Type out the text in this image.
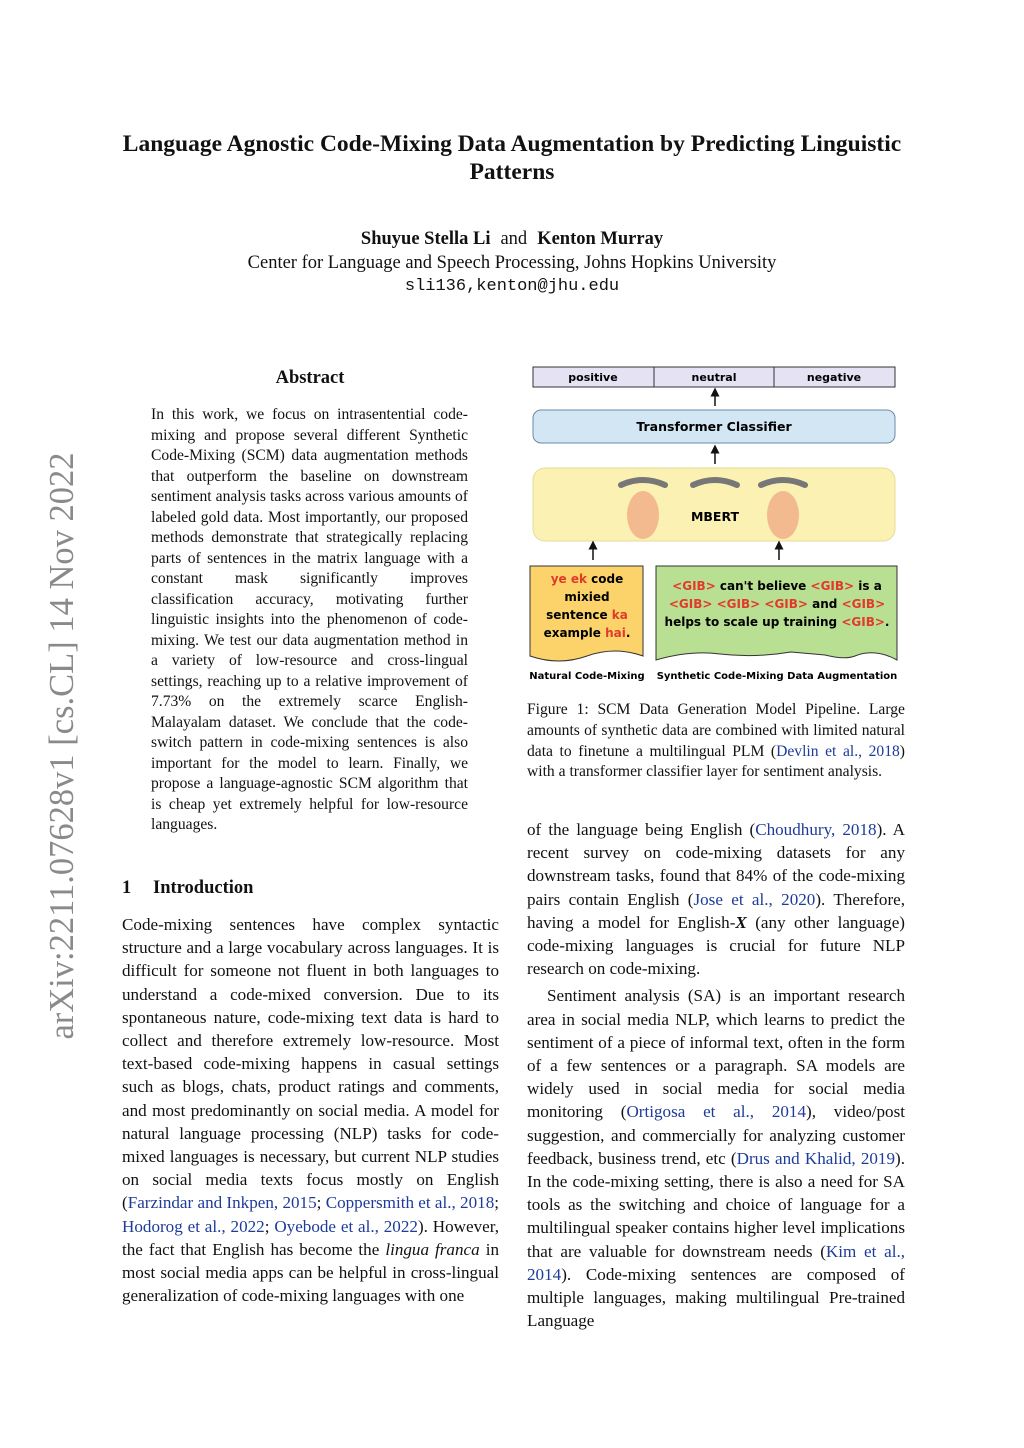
arXiv:2211.07628v1 [cs.CL] 14 Nov 2022
Language Agnostic Code-Mixing Data Augmentation by Predicting Linguistic Patterns
Shuyue Stella Li and Kenton Murray
Center for Language and Speech Processing, Johns Hopkins University
sli136,kenton@jhu.edu
Abstract
In this work, we focus on intrasentential code-mixing and propose several different Synthetic Code-Mixing (SCM) data augmentation methods that outperform the baseline on downstream sentiment analysis tasks across various amounts of labeled gold data. Most importantly, our proposed methods demonstrate that strategically replacing parts of sentences in the matrix language with a constant mask significantly improves classification accuracy, motivating further linguistic insights into the phenomenon of code-mixing. We test our data augmentation method in a variety of low-resource and cross-lingual settings, reaching up to a relative improvement of 7.73% on the extremely scarce English-Malayalam dataset. We conclude that the code-switch pattern in code-mixing sentences is also important for the model to learn. Finally, we propose a language-agnostic SCM algorithm that is cheap yet extremely helpful for low-resource languages.
1 Introduction
Code-mixing sentences have complex syntactic structure and a large vocabulary across languages. It is difficult for someone not fluent in both languages to understand a code-mixed conversion. Due to its spontaneous nature, code-mixing text data is hard to collect and therefore extremely low-resource. Most text-based code-mixing happens in casual settings such as blogs, chats, product ratings and comments, and most predominantly on social media. A model for natural language processing (NLP) tasks for code-mixed languages is necessary, but current NLP studies on social media texts focus mostly on English (Farzindar and Inkpen, 2015; Coppersmith et al., 2018; Hodorog et al., 2022; Oyebode et al., 2022). However, the fact that English has become the lingua franca in most social media apps can be helpful in cross-lingual generalization of code-mixing languages with one
positive	neutral	negative
Transformer Classifier
MBERT
ye ek code
mixied
sentence ka
example hai.
Natural Code-Mixing
<GIB> can't believe <GIB> is a
<GIB> <GIB> <GIB> and <GIB>
helps to scale up training <GIB>.
Synthetic Code-Mixing Data Augmentation
Figure 1: SCM Data Generation Model Pipeline. Large amounts of synthetic data are combined with limited natural data to finetune a multilingual PLM (Devlin et al., 2018) with a transformer classifier layer for sentiment analysis.

of the language being English (Choudhury, 2018). A recent survey on code-mixing datasets for any downstream tasks, found that 84% of the code-mixing pairs contain English (Jose et al., 2020). Therefore, having a model for English-X (any other language) code-mixing languages is crucial for future NLP research on code-mixing.

Sentiment analysis (SA) is an important research area in social media NLP, which learns to predict the sentiment of a piece of informal text, often in the form of a few sentences or a paragraph. SA models are widely used in social media for social media monitoring (Ortigosa et al., 2014), video/post suggestion, and commercially for analyzing customer feedback, business trend, etc (Drus and Khalid, 2019). In the code-mixing setting, there is also a need for SA tools as the switching and choice of language for a multilingual speaker contains higher level implications that are valuable for downstream needs (Kim et al., 2014). Code-mixing sentences are composed of multiple languages, making multilingual Pre-trained Language
